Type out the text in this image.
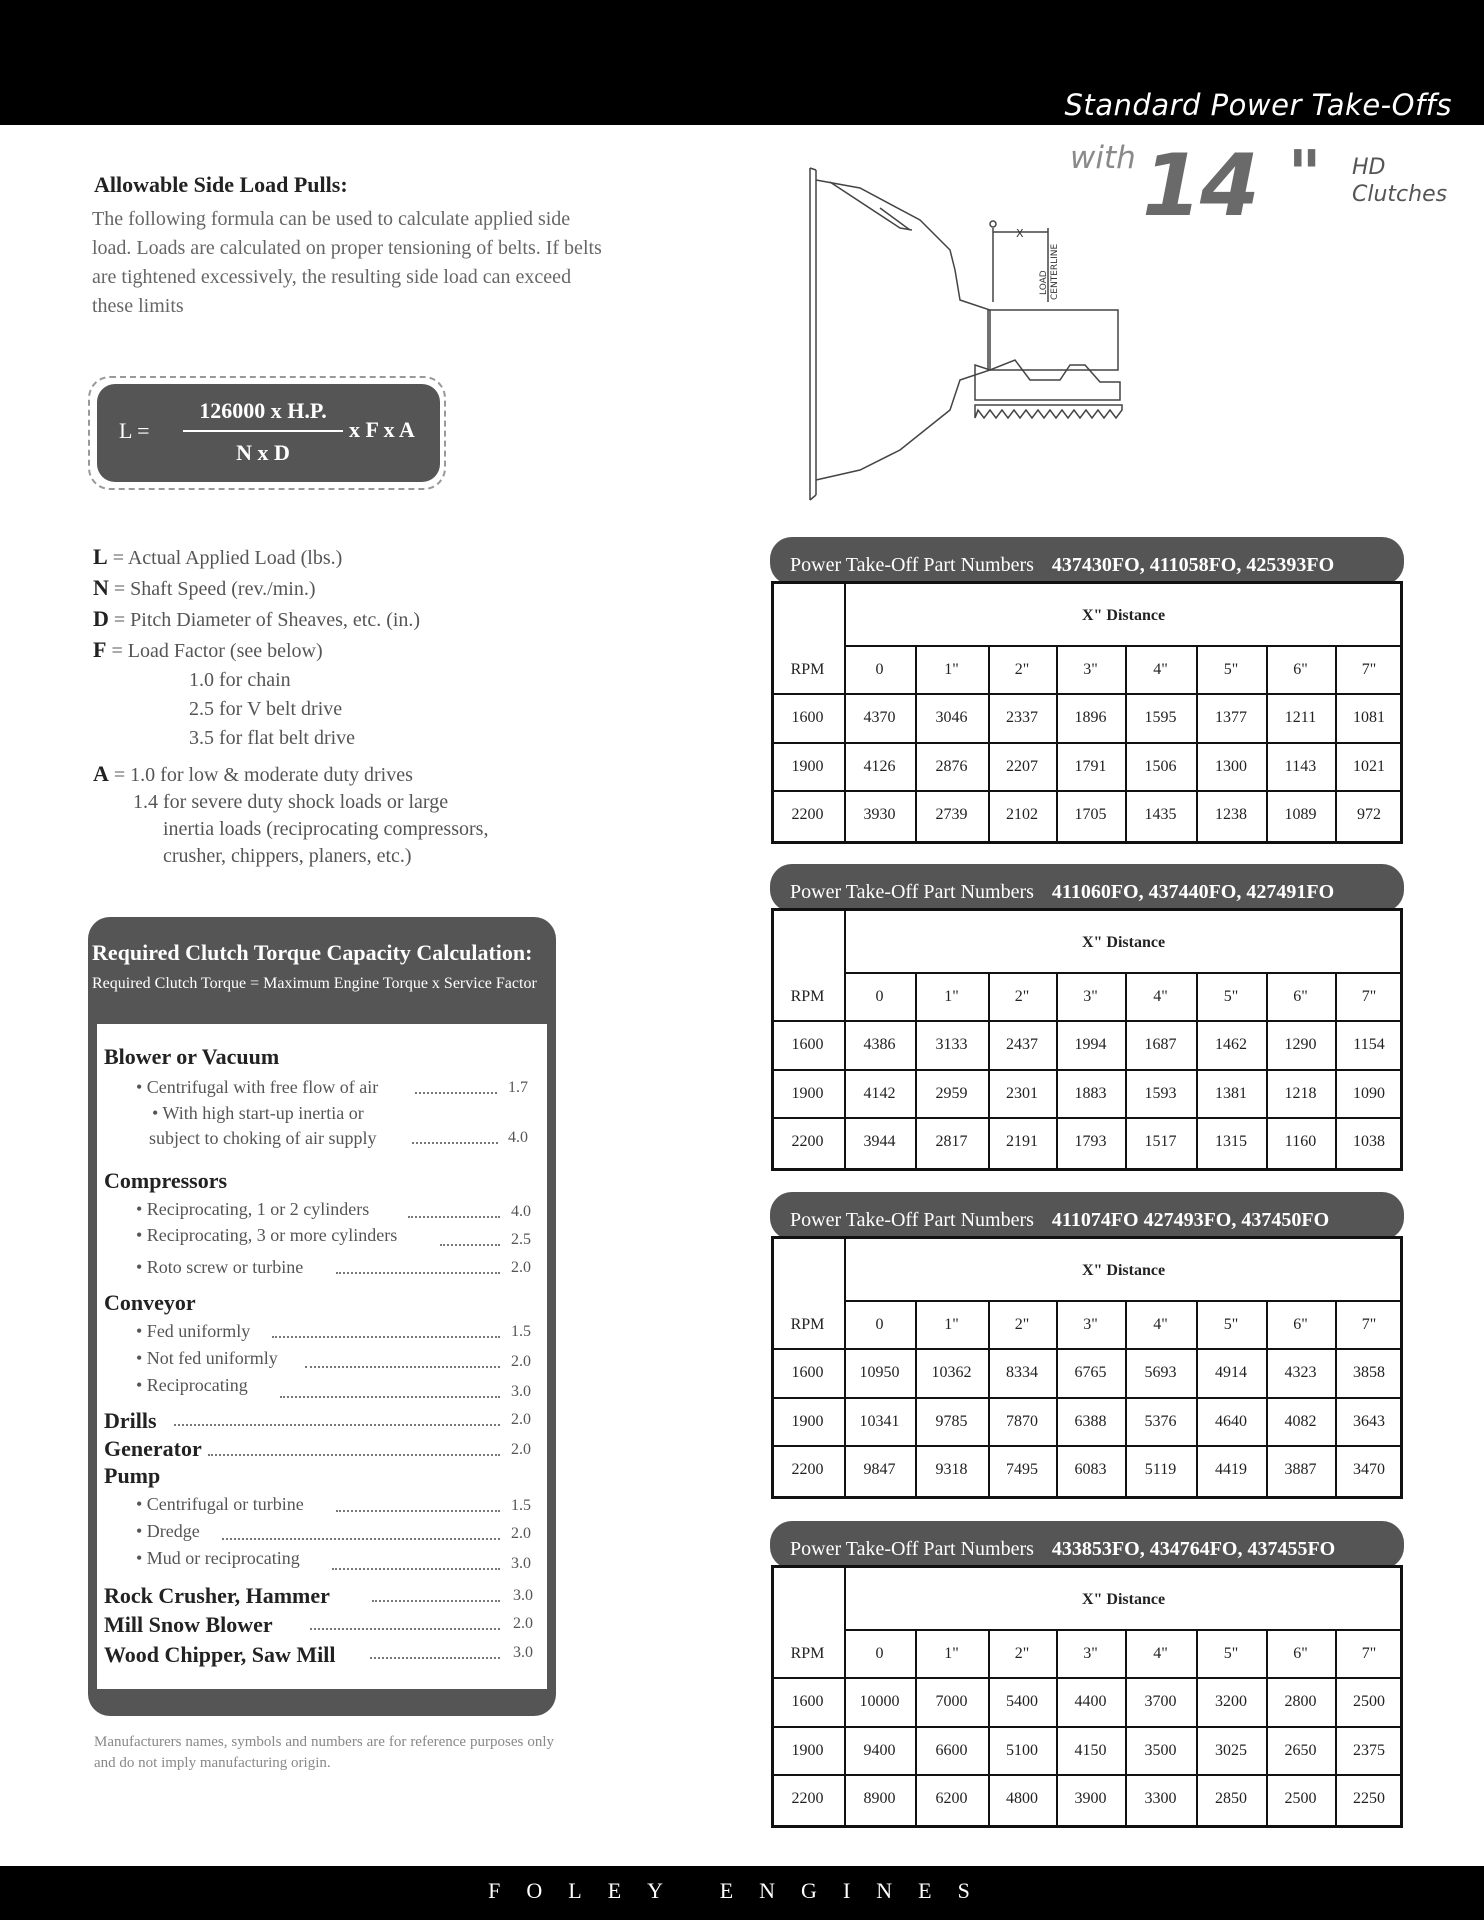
Standard Power Take-Offs
with 14 " HD
Clutches
Allowable Side Load Pulls:
The following formula can be used to calculate applied side load. Loads are calculated on proper tensioning of belts. If belts are tightened excessively, the resulting side load can exceed these limits
L =
126000 x H.P.
N x D
x F x A
L = Actual Applied Load (lbs.)
N = Shaft Speed (rev./min.)
D = Pitch Diameter of Sheaves, etc. (in.)
F = Load Factor (see below)
1.0 for chain
2.5 for V belt drive
3.5 for flat belt drive
A = 1.0 for low & moderate duty drives
1.4 for severe duty shock loads or large
inertia loads (reciprocating compressors,
crusher, chippers, planers, etc.)
X
LOAD CENTERLINE
Required Clutch Torque Capacity Calculation:
Required Clutch Torque = Maximum Engine Torque x Service Factor
Blower or Vacuum
• Centrifugal with free flow of air	1.7
• With high start-up inertia or
subject to choking of air supply	4.0
Compressors
• Reciprocating, 1 or 2 cylinders	4.0
• Reciprocating, 3 or more cylinders	2.5
• Roto screw or turbine	2.0
Conveyor
• Fed uniformly	1.5
• Not fed uniformly	2.0
• Reciprocating	3.0
Drills	2.0
Generator	2.0
Pump
• Centrifugal or turbine	1.5
• Dredge	2.0
• Mud or reciprocating	3.0
Rock Crusher, Hammer	3.0
Mill Snow Blower	2.0
Wood Chipper, Saw Mill	3.0
Manufacturers names, symbols and numbers are for reference purposes only and do not imply manufacturing origin.
Power Take-Off Part Numbers 437430FO, 411058FO, 425393FO
X" Distance
RPM	0	1"	2"	3"	4"	5"	6"	7"
1600	4370	3046	2337	1896	1595	1377	1211	1081
1900	4126	2876	2207	1791	1506	1300	1143	1021
2200	3930	2739	2102	1705	1435	1238	1089	972
Power Take-Off Part Numbers 411060FO, 437440FO, 427491FO
X" Distance
RPM	0	1"	2"	3"	4"	5"	6"	7"
1600	4386	3133	2437	1994	1687	1462	1290	1154
1900	4142	2959	2301	1883	1593	1381	1218	1090
2200	3944	2817	2191	1793	1517	1315	1160	1038
Power Take-Off Part Numbers 411074FO 427493FO, 437450FO
X" Distance
RPM	0	1"	2"	3"	4"	5"	6"	7"
1600	10950	10362	8334	6765	5693	4914	4323	3858
1900	10341	9785	7870	6388	5376	4640	4082	3643
2200	9847	9318	7495	6083	5119	4419	3887	3470
Power Take-Off Part Numbers 433853FO, 434764FO, 437455FO
X" Distance
RPM	0	1"	2"	3"	4"	5"	6"	7"
1600	10000	7000	5400	4400	3700	3200	2800	2500
1900	9400	6600	5100	4150	3500	3025	2650	2375
2200	8900	6200	4800	3900	3300	2850	2500	2250
FOLEY ENGINES
